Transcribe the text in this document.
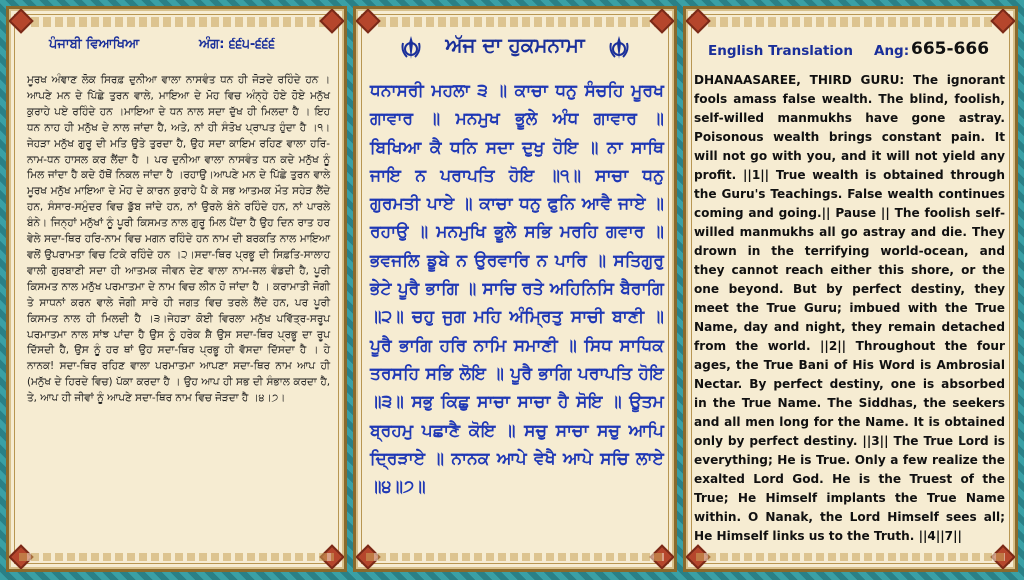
ਪੰਜਾਬੀ ਵਿਆਖਿਆ	ਅੰਗ: ੬੬੫-੬੬੬
ਮੂਰਖ ਅੰਞਾਣ ਲੋਕ ਸਿਰਫ਼ ਦੁਨੀਆ ਵਾਲਾ ਨਾਸਵੰਤ ਧਨ ਹੀ ਜੋੜਦੇ ਰਹਿੰਦੇ ਹਨ । ਆਪਣੇ ਮਨ ਦੇ ਪਿੱਛੇ ਤੁਰਨ ਵਾਲੇ, ਮਾਇਆ ਦੇ ਮੋਹ ਵਿਚ ਅੰਨ੍ਹੇ ਹੋਏ ਹੋਏ ਮਨੁੱਖ ਕੁਰਾਹੇ ਪਏ ਰਹਿੰਦੇ ਹਨ ।ਮਾਇਆ ਦੇ ਧਨ ਨਾਲ ਸਦਾ ਦੁੱਖ ਹੀ ਮਿਲਦਾ ਹੈ । ਇਹ ਧਨ ਨਾਹ ਹੀ ਮਨੁੱਖ ਦੇ ਨਾਲ ਜਾਂਦਾ ਹੈ, ਅਤੇ, ਨਾਂ ਹੀ ਸੰਤੋਖ ਪ੍ਰਾਪਤ ਹੁੰਦਾ ਹੈ ।੧।ਜੇਹੜਾ ਮਨੁੱਖ ਗੁਰੂ ਦੀ ਮਤਿ ਉਤੇ ਤੁਰਦਾ ਹੈ, ਉਹ ਸਦਾ ਕਾਇਮ ਰਹਿਣ ਵਾਲਾ ਹਰਿ-ਨਾਮ-ਧਨ ਹਾਸਲ ਕਰ ਲੈਂਦਾ ਹੈ । ਪਰ ਦੁਨੀਆ ਵਾਲਾ ਨਾਸਵੰਤ ਧਨ ਕਦੇ ਮਨੁੱਖ ਨੂੰ ਮਿਲ ਜਾਂਦਾ ਹੈ ਕਦੇ ਹੱਥੋਂ ਨਿਕਲ ਜਾਂਦਾ ਹੈ ।ਰਹਾਉ।ਆਪਣੇ ਮਨ ਦੇ ਪਿੱਛੇ ਤੁਰਨ ਵਾਲੇ ਮੂਰਖ ਮਨੁੱਖ ਮਾਇਆ ਦੇ ਮੋਹ ਦੇ ਕਾਰਨ ਕੁਰਾਹੇ ਪੈ ਕੇ ਸਭ ਆਤਮਕ ਮੌਤ ਸਹੇੜ ਲੈਂਦੇ ਹਨ, ਸੰਸਾਰ-ਸਮੁੰਦਰ ਵਿਚ ਡੁੱਬ ਜਾਂਦੇ ਹਨ, ਨਾਂ ਉਰਲੇ ਬੰਨੇ ਰਹਿੰਦੇ ਹਨ, ਨਾਂ ਪਾਰਲੇ ਬੰਨੇ। ਜਿਨ੍ਹਾਂ ਮਨੁੱਖਾਂ ਨੂੰ ਪੂਰੀ ਕਿਸਮਤ ਨਾਲ ਗੁਰੂ ਮਿਲ ਪੈਂਦਾ ਹੈ ਉਹ ਦਿਨ ਰਾਤ ਹਰ ਵੇਲੇ ਸਦਾ-ਥਿਰ ਹਰਿ-ਨਾਮ ਵਿਚ ਮਗਨ ਰਹਿੰਦੇ ਹਨ ਨਾਮ ਦੀ ਬਰਕਤਿ ਨਾਲ ਮਾਇਆ ਵਲੋਂ ਉਪਰਾਮਤਾ ਵਿਚ ਟਿਕੇ ਰਹਿੰਦੇ ਹਨ ।੨।ਸਦਾ-ਥਿਰ ਪ੍ਰਭੂ ਦੀ ਸਿਫ਼ਤਿ-ਸਾਲਾਹ ਵਾਲੀ ਗੁਰਬਾਣੀ ਸਦਾ ਹੀ ਆਤਮਕ ਜੀਵਨ ਦੇਣ ਵਾਲਾ ਨਾਮ-ਜਲ ਵੰਡਦੀ ਹੈ, ਪੂਰੀ ਕਿਸਮਤ ਨਾਲ ਮਨੁੱਖ ਪਰਮਾਤਮਾ ਦੇ ਨਾਮ ਵਿਚ ਲੀਨ ਹੋ ਜਾਂਦਾ ਹੈ । ਕਰਾਮਾਤੀ ਜੋਗੀ ਤੇ ਸਾਧਨਾਂ ਕਰਨ ਵਾਲੇ ਜੋਗੀ ਸਾਰੇ ਹੀ ਜਗਤ ਵਿਚ ਤਰਲੇ ਲੈਂਦੇ ਹਨ, ਪਰ ਪੂਰੀ ਕਿਸਮਤ ਨਾਲ ਹੀ ਮਿਲਦੀ ਹੈ ।੩।ਜੇਹੜਾ ਕੋਈ ਵਿਰਲਾ ਮਨੁੱਖ ਪਵਿੱਤ੍ਰ-ਸਰੂਪ ਪਰਮਾਤਮਾ ਨਾਲ ਸਾਂਝ ਪਾਂਦਾ ਹੈ ਉਸ ਨੂੰ ਹਰੇਕ ਸ਼ੈ ਉਸ ਸਦਾ-ਥਿਰ ਪ੍ਰਭੂ ਦਾ ਰੂਪ ਦਿੱਸਦੀ ਹੈ, ਉਸ ਨੂੰ ਹਰ ਥਾਂ ਉਹ ਸਦਾ-ਥਿਰ ਪ੍ਰਭੂ ਹੀ ਵੱਸਦਾ ਦਿੱਸਦਾ ਹੈ । ਹੇ ਨਾਨਕ! ਸਦਾ-ਥਿਰ ਰਹਿਣ ਵਾਲਾ ਪਰਮਾਤਮਾ ਆਪਣਾ ਸਦਾ-ਥਿਰ ਨਾਮ ਆਪ ਹੀ (ਮਨੁੱਖ ਦੇ ਹਿਰਦੇ ਵਿਚ) ਪੱਕਾ ਕਰਦਾ ਹੈ । ਉਹ ਆਪ ਹੀ ਸਭ ਦੀ ਸੰਭਾਲ ਕਰਦਾ ਹੈ, ਤੇ, ਆਪ ਹੀ ਜੀਵਾਂ ਨੂੰ ਆਪਣੇ ਸਦਾ-ਥਿਰ ਨਾਮ ਵਿਚ ਜੋੜਦਾ ਹੈ ।੪।੭।
ਅੱਜ ਦਾ ਹੁਕਮਨਾਮਾ
ਧਨਾਸਰੀ ਮਹਲਾ ੩ ॥ ਕਾਚਾ ਧਨੁ ਸੰਚਹਿ ਮੂਰਖ ਗਾਵਾਰ ॥ ਮਨਮੁਖ ਭੂਲੇ ਅੰਧ ਗਾਵਾਰ ॥ ਬਿਖਿਆ ਕੈ ਧਨਿ ਸਦਾ ਦੁਖੁ ਹੋਇ ॥ ਨਾ ਸਾਥਿ ਜਾਇ ਨ ਪਰਾਪਤਿ ਹੋਇ ॥੧॥ ਸਾਚਾ ਧਨੁ ਗੁਰਮਤੀ ਪਾਏ ॥ ਕਾਚਾ ਧਨੁ ਫੁਨਿ ਆਵੈ ਜਾਏ ॥ ਰਹਾਉ ॥ ਮਨਮੁਖਿ ਭੂਲੇ ਸਭਿ ਮਰਹਿ ਗਵਾਰ ॥ ਭਵਜਲਿ ਡੂਬੇ ਨ ਉਰਵਾਰਿ ਨ ਪਾਰਿ ॥ ਸਤਿਗੁਰੁ ਭੇਟੇ ਪੂਰੈ ਭਾਗਿ ॥ ਸਾਚਿ ਰਤੇ ਅਹਿਨਿਸਿ ਬੈਰਾਗਿ ॥੨॥ ਚਹੁ ਜੁਗ ਮਹਿ ਅੰਮ੍ਰਿਤੁ ਸਾਚੀ ਬਾਣੀ ॥ ਪੂਰੈ ਭਾਗਿ ਹਰਿ ਨਾਮਿ ਸਮਾਣੀ ॥ ਸਿਧ ਸਾਧਿਕ ਤਰਸਹਿ ਸਭਿ ਲੋਇ ॥ ਪੂਰੈ ਭਾਗਿ ਪਰਾਪਤਿ ਹੋਇ ॥੩॥ ਸਭੁ ਕਿਛੁ ਸਾਚਾ ਸਾਚਾ ਹੈ ਸੋਇ ॥ ਊਤਮ ਬ੍ਰਹਮੁ ਪਛਾਣੈ ਕੋਇ ॥ ਸਚੁ ਸਾਚਾ ਸਚੁ ਆਪਿ ਦ੍ਰਿੜਾਏ ॥ ਨਾਨਕ ਆਪੇ ਵੇਖੈ ਆਪੇ ਸਚਿ ਲਾਏ ॥੪॥੭॥
English Translation Ang: 665-666
DHANAASAREE, THIRD GURU: The ignorant fools amass false wealth. The blind, foolish, self-willed manmukhs have gone astray. Poisonous wealth brings constant pain. It will not go with you, and it will not yield any profit. ||1|| True wealth is obtained through the Guru's Teachings. False wealth continues coming and going.|| Pause || The foolish self-willed manmukhs all go astray and die. They drown in the terrifying world-ocean, and they cannot reach either this shore, or the one beyond. But by perfect destiny, they meet the True Guru; imbued with the True Name, day and night, they remain detached from the world. ||2|| Throughout the four ages, the True Bani of His Word is Ambrosial Nectar. By perfect destiny, one is absorbed in the True Name. The Siddhas, the seekers and all men long for the Name. It is obtained only by perfect destiny. ||3|| The True Lord is everything; He is True. Only a few realize the exalted Lord God. He is the Truest of the True; He Himself implants the True Name within. O Nanak, the Lord Himself sees all; He Himself links us to the Truth. ||4||7||
